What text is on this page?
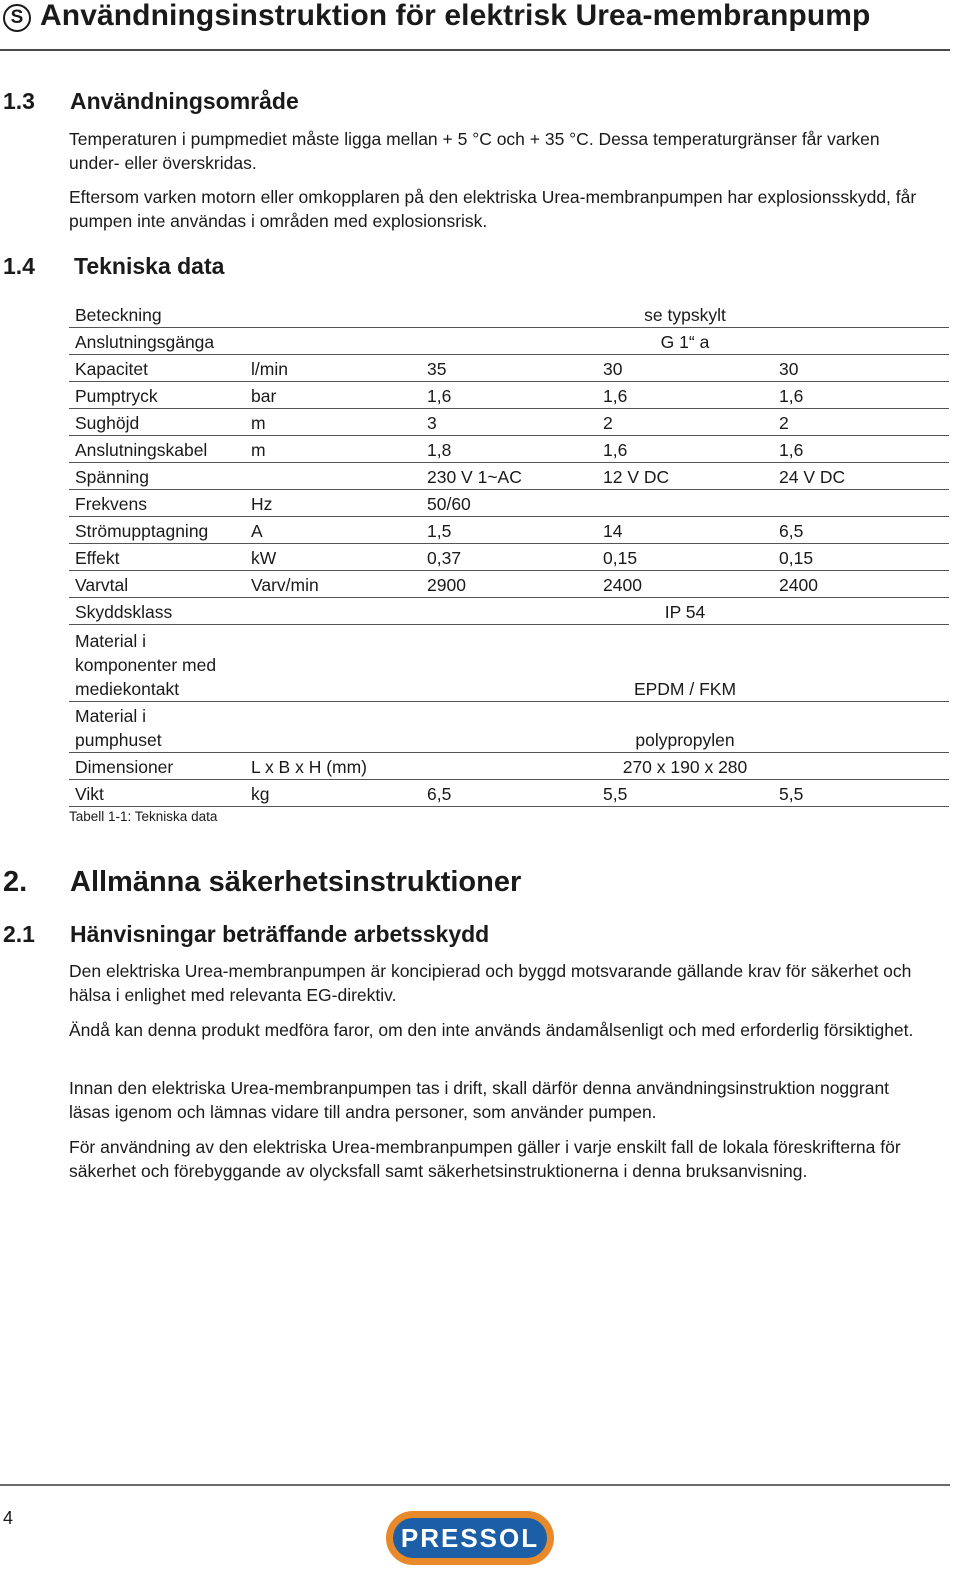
S Användningsinstruktion för elektrisk Urea-membranpump
1.3 Användningsområde
Temperaturen i pumpmediet måste ligga mellan + 5 °C och + 35 °C. Dessa temperaturgränser får varken under- eller överskridas.
Eftersom varken motorn eller omkopplaren på den elektriska Urea-membranpumpen har explosionsskydd, får pumpen inte användas i områden med explosionsrisk.
1.4 Tekniska data
Beteckning		se typskylt		
Anslutningsgänga		G 1“ a		
Kapacitet	l/min	35	30	30
Pumptryck	bar	1,6	1,6	1,6
Sughöjd	m	3	2	2
Anslutningskabel	m	1,8	1,6	1,6
Spänning		230 V 1~AC	12 V DC	24 V DC
Frekvens	Hz	50/60		
Strömupptagning	A	1,5	14	6,5
Effekt	kW	0,37	0,15	0,15
Varvtal	Varv/min	2900	2400	2400
Skyddsklass		IP 54		
Material i
komponenter med
mediekontakt		EPDM / FKM		
Material i
pumphuset		polypropylen		
Dimensioner	L x B x H (mm)	270 x 190 x 280		
Vikt	kg	6,5	5,5	5,5
Tabell 1-1: Tekniska data
2. Allmänna säkerhetsinstruktioner
2.1 Hänvisningar beträffande arbetsskydd
Den elektriska Urea-membranpumpen är koncipierad och byggd motsvarande gällande krav för säkerhet och hälsa i enlighet med relevanta EG-direktiv.
Ändå kan denna produkt medföra faror, om den inte används ändamålsenligt och med erforderlig försiktighet.
Innan den elektriska Urea-membranpumpen tas i drift, skall därför denna användningsinstruktion noggrant läsas igenom och lämnas vidare till andra personer, som använder pumpen.
För användning av den elektriska Urea-membranpumpen gäller i varje enskilt fall de lokala föreskrifterna för säkerhet och förebyggande av olycksfall samt säkerhetsinstruktionerna i denna bruksanvisning.
4
PRESSOL
